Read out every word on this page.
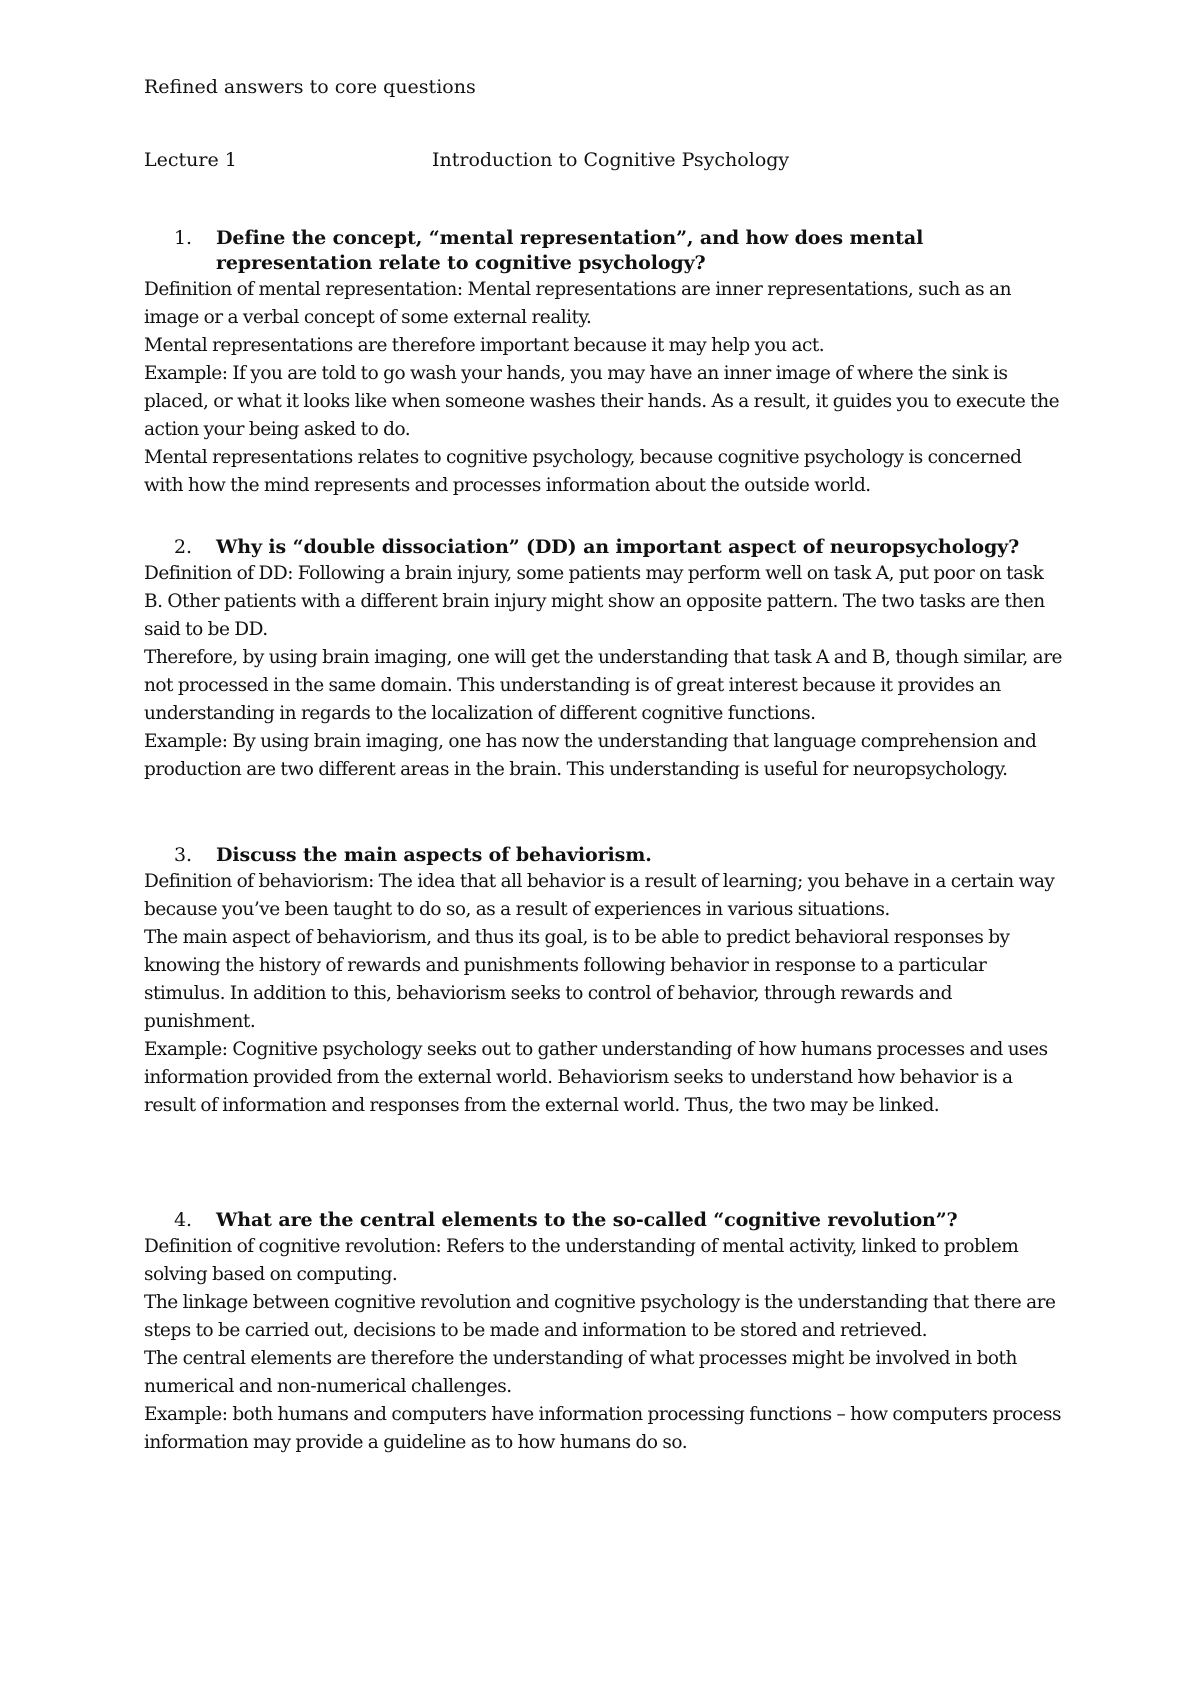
Refined answers to core questions
Lecture 1	Introduction to Cognitive Psychology
1. Define the concept, “mental representation”, and how does mental representation relate to cognitive psychology?

Definition of mental representation: Mental representations are inner representations, such as an image or a verbal concept of some external reality.

Mental representations are therefore important because it may help you act.

Example: If you are told to go wash your hands, you may have an inner image of where the sink is placed, or what it looks like when someone washes their hands. As a result, it guides you to execute the action your being asked to do.

Mental representations relates to cognitive psychology, because cognitive psychology is concerned with how the mind represents and processes information about the outside world.

2. Why is “double dissociation” (DD) an important aspect of neuropsychology?

Definition of DD: Following a brain injury, some patients may perform well on task A, put poor on task B. Other patients with a different brain injury might show an opposite pattern. The two tasks are then said to be DD.

Therefore, by using brain imaging, one will get the understanding that task A and B, though similar, are not processed in the same domain. This understanding is of great interest because it provides an understanding in regards to the localization of different cognitive functions.

Example: By using brain imaging, one has now the understanding that language comprehension and production are two different areas in the brain. This understanding is useful for neuropsychology.

3. Discuss the main aspects of behaviorism.

Definition of behaviorism: The idea that all behavior is a result of learning; you behave in a certain way because you’ve been taught to do so, as a result of experiences in various situations.

The main aspect of behaviorism, and thus its goal, is to be able to predict behavioral responses by knowing the history of rewards and punishments following behavior in response to a particular stimulus. In addition to this, behaviorism seeks to control of behavior, through rewards and punishment.

Example: Cognitive psychology seeks out to gather understanding of how humans processes and uses information provided from the external world. Behaviorism seeks to understand how behavior is a result of information and responses from the external world. Thus, the two may be linked.

4. What are the central elements to the so-called “cognitive revolution”?

Definition of cognitive revolution: Refers to the understanding of mental activity, linked to problem solving based on computing.

The linkage between cognitive revolution and cognitive psychology is the understanding that there are steps to be carried out, decisions to be made and information to be stored and retrieved.

The central elements are therefore the understanding of what processes might be involved in both numerical and non-numerical challenges.

Example: both humans and computers have information processing functions – how computers process information may provide a guideline as to how humans do so.
